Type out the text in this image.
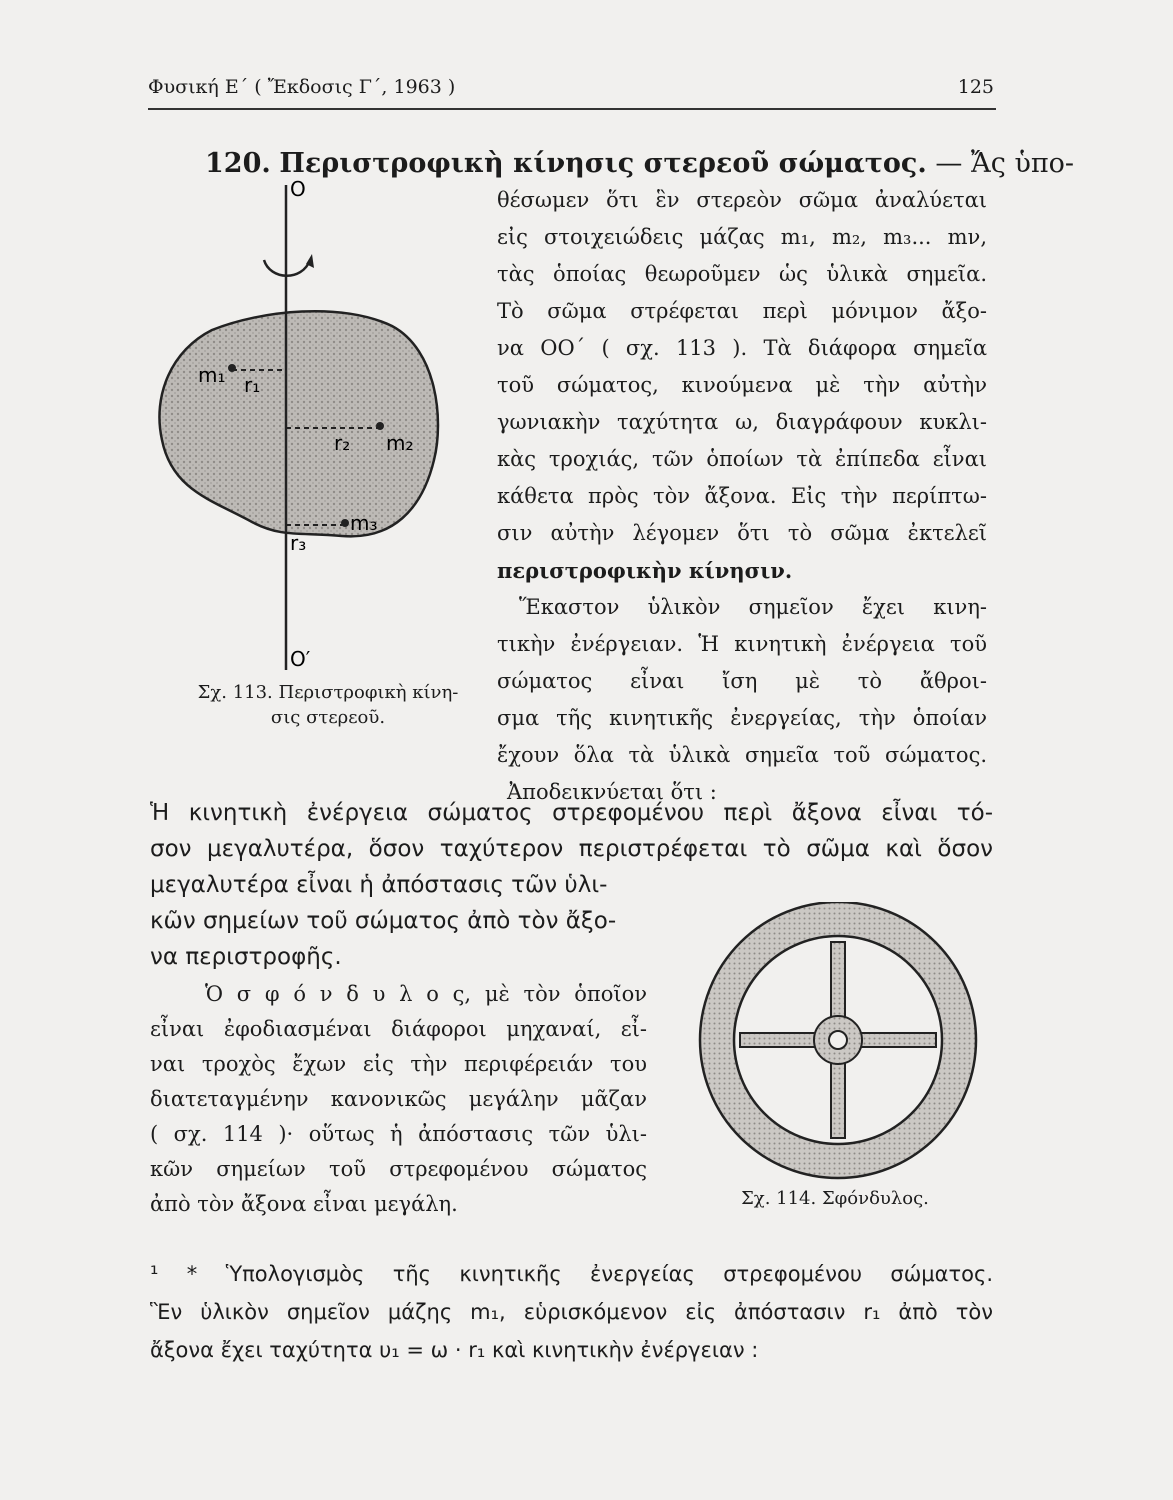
Φυσική Ε΄ ( Ἔκδοσις Γ΄, 1963 )	125
120. Περιστροφικὴ κίνησις στερεοῦ σώματος. — Ἄς ὑπο-
θέσωμεν ὅτι ἓν στερεὸν σῶμα ἀναλύεται
εἰς στοιχειώδεις μάζας m₁, m₂, m₃... mν,
τὰς ὁποίας θεωροῦμεν ὡς ὑλικὰ σημεῖα.
Τὸ σῶμα στρέφεται περὶ μόνιμον ἄξο-
να ΟΟ΄ ( σχ. 113 ). Τὰ διάφορα σημεῖα
τοῦ σώματος, κινούμενα μὲ τὴν αὐτὴν
γωνιακὴν ταχύτητα ω, διαγράφουν κυκλι-
κὰς τροχιάς, τῶν ὁποίων τὰ ἐπίπεδα εἶναι
κάθετα πρὸς τὸν ἄξονα. Εἰς τὴν περίπτω-
σιν αὐτὴν λέγομεν ὅτι τὸ σῶμα ἐκτελεῖ
περιστροφικὴν κίνησιν.
Ἕκαστον ὑλικὸν σημεῖον ἔχει κινη-
τικὴν ἐνέργειαν. Ἡ κινητικὴ ἐνέργεια τοῦ
σώματος εἶναι ἴση μὲ τὸ ἄθροι-
σμα τῆς κινητικῆς ἐνεργείας, τὴν ὁποίαν
ἔχουν ὅλα τὰ ὑλικὰ σημεῖα τοῦ σώματος.
Ἀποδεικνύεται ὅτι :
O
O′
m₁ r₁
r₂ m₂
m₃
r₃
Σχ. 113. Περιστροφικὴ κίνη-
σις στερεοῦ.
Ἡ κινητικὴ ἐνέργεια σώματος στρεφομένου περὶ ἄξονα εἶναι τό-
σον μεγαλυτέρα, ὅσον ταχύτερον περιστρέφεται τὸ σῶμα καὶ ὅσον
μεγαλυτέρα εἶναι ἡ ἀπόστασις τῶν ὑλι-
κῶν σημείων τοῦ σώματος ἀπὸ τὸν ἄξο-
να περιστροφῆς.
Ὁ σ φ ό ν δ υ λ ο ς, μὲ τὸν ὁποῖον
εἶναι ἐφοδιασμέναι διάφοροι μηχαναί, εἶ-
ναι τροχὸς ἔχων εἰς τὴν περιφέρειάν του
διατεταγμένην κανονικῶς μεγάλην μᾶζαν
( σχ. 114 )· οὕτως ἡ ἀπόστασις τῶν ὑλι-
κῶν σημείων τοῦ στρεφομένου σώματος
ἀπὸ τὸν ἄξονα εἶναι μεγάλη.	Σχ. 114. Σφόνδυλος.
¹ * Ὑπολογισμὸς τῆς κινητικῆς ἐνεργείας στρεφομένου σώματος.
Ἓν ὑλικὸν σημεῖον μάζης m₁, εὑρισκόμενον εἰς ἀπόστασιν r₁ ἀπὸ τὸν
ἄξονα ἔχει ταχύτητα υ₁ = ω · r₁ καὶ κινητικὴν ἐνέργειαν :
